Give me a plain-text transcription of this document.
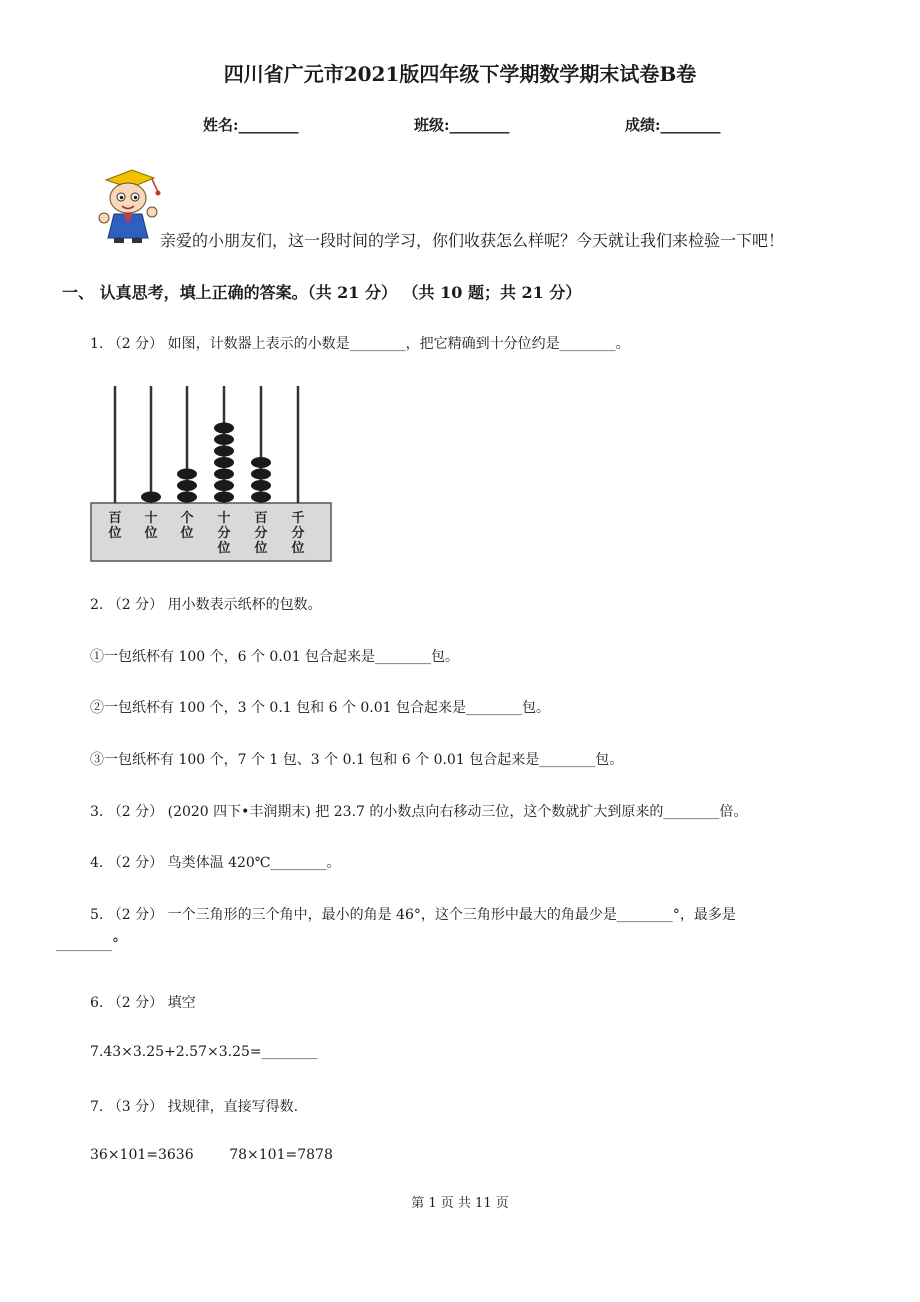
四川省广元市2021版四年级下学期数学期末试卷B卷
姓名:________	班级:________	成绩:________
亲爱的小朋友们，这一段时间的学习，你们收获怎么样呢？今天就让我们来检验一下吧！
一、 认真思考，填上正确的答案。（共 21 分） （共 10 题；共 21 分）
1. （2 分） 如图，计数器上表示的小数是________，把它精确到十分位约是________。
百
位
十
位
个
位
十
分
位
百
分
位
千
分
位
2. （2 分） 用小数表示纸杯的包数。
①一包纸杯有 100 个，6 个 0.01 包合起来是________包。
②一包纸杯有 100 个，3 个 0.1 包和 6 个 0.01 包合起来是________包。
③一包纸杯有 100 个，7 个 1 包、3 个 0.1 包和 6 个 0.01 包合起来是________包。
3. （2 分） (2020 四下•丰润期末) 把 23.7 的小数点向右移动三位，这个数就扩大到原来的________倍。
4. （2 分） 鸟类体温 420℃________。
5. （2 分） 一个三角形的三个角中，最小的角是 46°，这个三角形中最大的角最少是________°，最多是
________°
6. （2 分） 填空
7.43×3.25+2.57×3.25=________
7. （3 分） 找规律，直接写得数.
36×101=3636        78×101=7878
第 1 页 共 11 页
